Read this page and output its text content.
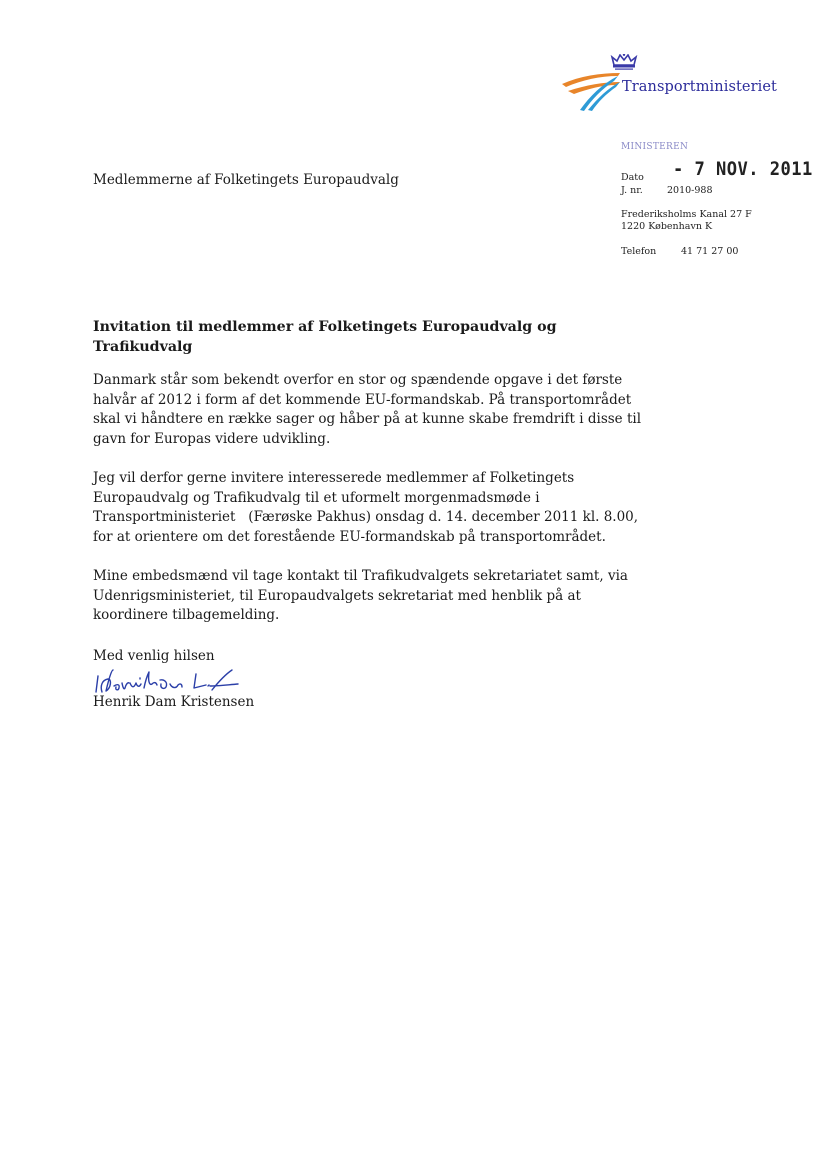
Transportministeriet
MINISTEREN
Dato - 7 NOV. 2011
J. nr.	2010-988
Frederiksholms Kanal 27 F
1220 København K
Telefon	41 71 27 00
Medlemmerne af Folketingets Europaudvalg
Invitation til medlemmer af Folketingets Europaudvalg og
Trafikudvalg
Danmark står som bekendt overfor en stor og spændende opgave i det første
halvår af 2012 i form af det kommende EU-formandskab. På transportområdet
skal vi håndtere en række sager og håber på at kunne skabe fremdrift i disse til
gavn for Europas videre udvikling.
Jeg vil derfor gerne invitere interesserede medlemmer af Folketingets
Europaudvalg og Trafikudvalg til et uformelt morgenmadsmøde i
Transportministeriet   (Færøske Pakhus) onsdag d. 14. december 2011 kl. 8.00,
for at orientere om det forestående EU-formandskab på transportområdet.
Mine embedsmænd vil tage kontakt til Trafikudvalgets sekretariatet samt, via
Udenrigsministeriet, til Europaudvalgets sekretariat med henblik på at
koordinere tilbagemelding.
Med venlig hilsen
Henrik Dam Kristensen
